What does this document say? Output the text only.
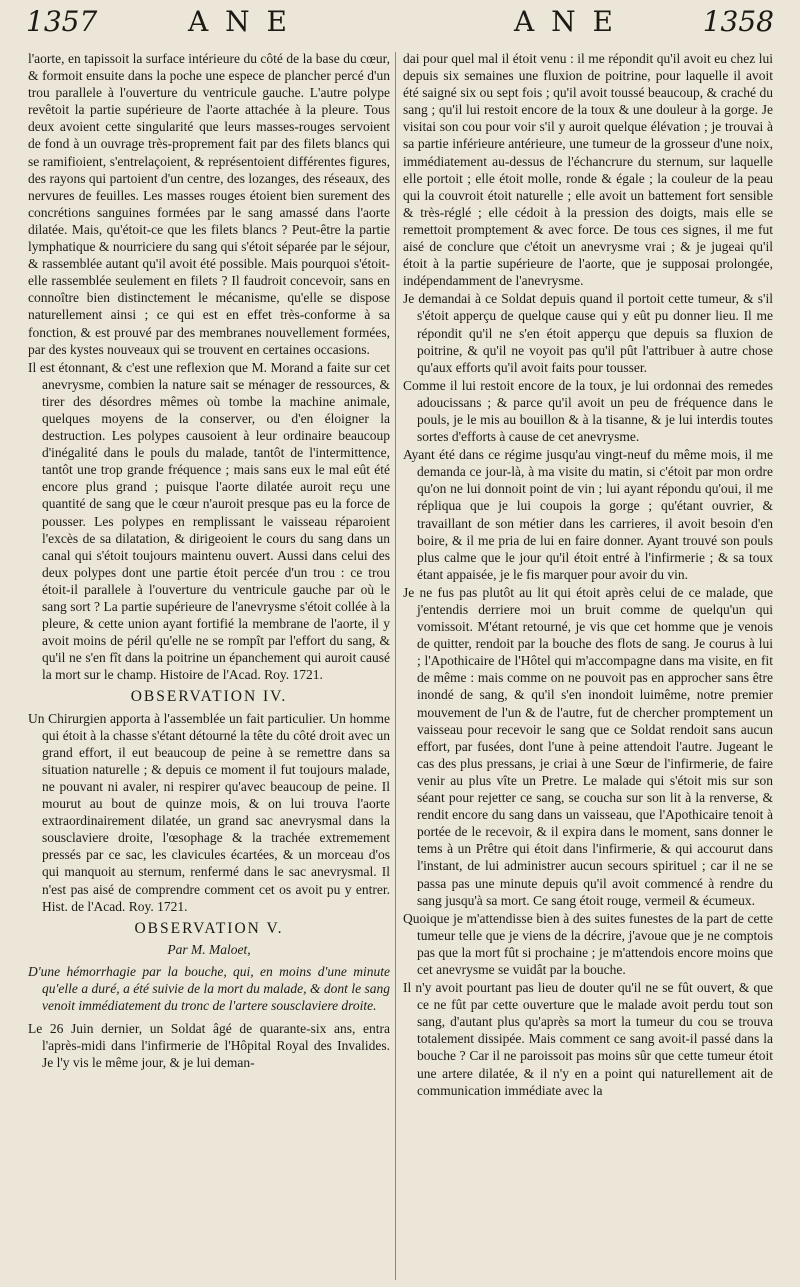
1357	A N E	A N E	1358

l'aorte, en tapissoit la surface intérieure du côté de la base du cœur, & formoit ensuite dans la poche une espece de plancher percé d'un trou parallele à l'ouverture du ventricule gauche. L'autre polype revêtoit la partie supérieure de l'aorte attachée à la pleure. Tous deux avoient cette singularité que leurs masses-rouges servoient de fond à un ouvrage très-proprement fait par des filets blancs qui se ramifioient, s'entrelaçoient, & représentoient différentes figures, des rayons qui partoient d'un centre, des lozanges, des réseaux, des nervures de feuilles. Les masses rouges étoient bien surement des concrétions sanguines formées par le sang amassé dans l'aorte dilatée. Mais, qu'étoit-ce que les filets blancs ? Peut-être la partie lymphatique & nourriciere du sang qui s'étoit séparée par le séjour, & rassemblée autant qu'il avoit été possible. Mais pourquoi s'étoit-elle rassemblée seulement en filets ? Il faudroit concevoir, sans en connoître bien distinctement le mécanisme, qu'elle se dispose naturellement ainsi ; ce qui est en effet très-conforme à sa fonction, & est prouvé par des membranes nouvellement formées, par des kystes nouveaux qui se trouvent en certaines occasions.

Il est étonnant, & c'est une reflexion que M. Morand a faite sur cet anevrysme, combien la nature sait se ménager de ressources, & tirer des désordres mêmes où tombe la machine animale, quelques moyens de la conserver, ou d'en éloigner la destruction. Les polypes causoient à leur ordinaire beaucoup d'inégalité dans le pouls du malade, tantôt de l'intermittence, tantôt une trop grande fréquence ; mais sans eux le mal eût été encore plus grand ; puisque l'aorte dilatée auroit reçu une quantité de sang que le cœur n'auroit presque pas eu la force de pousser. Les polypes en remplissant le vaisseau réparoient l'excès de sa dilatation, & dirigeoient le cours du sang dans un canal qui s'étoit toujours maintenu ouvert. Aussi dans celui des deux polypes dont une partie étoit percée d'un trou : ce trou étoit-il parallele à l'ouverture du ventricule gauche par où le sang sort ? La partie supérieure de l'anevrysme s'étoit collée à la pleure, & cette union ayant fortifié la membrane de l'aorte, il y avoit moins de péril qu'elle ne se rompît par l'effort du sang, & qu'il ne s'en fît dans la poitrine un épanchement qui auroit causé la mort sur le champ. Histoire de l'Acad. Roy. 1721.

OBSERVATION IV.

Un Chirurgien apporta à l'assemblée un fait particulier. Un homme qui étoit à la chasse s'étant détourné la tête du côté droit avec un grand effort, il eut beaucoup de peine à se remettre dans sa situation naturelle ; & depuis ce moment il fut toujours malade, ne pouvant ni avaler, ni respirer qu'avec beaucoup de peine. Il mourut au bout de quinze mois, & on lui trouva l'aorte extraordinairement dilatée, un grand sac anevrysmal dans la sousclaviere droite, l'œsophage & la trachée extremement pressés par ce sac, les clavicules écartées, & un morceau d'os qui manquoit au sternum, renfermé dans le sac anevrysmal. Il n'est pas aisé de comprendre comment cet os avoit pu y entrer. Hist. de l'Acad. Roy. 1721.

OBSERVATION V.
Par M. Maloet,

D'une hémorrhagie par la bouche, qui, en moins d'une minute qu'elle a duré, a été suivie de la mort du malade, & dont le sang venoit immédiatement du tronc de l'artere sousclaviere droite.

Le 26 Juin dernier, un Soldat âgé de quarante-six ans, entra l'après-midi dans l'infirmerie de l'Hôpital Royal des Invalides. Je l'y vis le même jour, & je lui deman-

dai pour quel mal il étoit venu : il me répondit qu'il avoit eu chez lui depuis six semaines une fluxion de poitrine, pour laquelle il avoit été saigné six ou sept fois ; qu'il avoit toussé beaucoup, & craché du sang ; qu'il lui restoit encore de la toux & une douleur à la gorge. Je visitai son cou pour voir s'il y auroit quelque élévation ; je trouvai à sa partie inférieure antérieure, une tumeur de la grosseur d'une noix, immédiatement au-dessus de l'échancrure du sternum, sur laquelle elle portoit ; elle étoit molle, ronde & égale ; la couleur de la peau qui la couvroit étoit naturelle ; elle avoit un battement fort sensible & très-réglé ; elle cédoit à la pression des doigts, mais elle se remettoit promptement & avec force. De tous ces signes, il me fut aisé de conclure que c'étoit un anevrysme vrai ; & je jugeai qu'il étoit à la partie supérieure de l'aorte, que je supposai prolongée, indépendamment de l'anevrysme.

Je demandai à ce Soldat depuis quand il portoit cette tumeur, & s'il s'étoit apperçu de quelque cause qui y eût pu donner lieu. Il me répondit qu'il ne s'en étoit apperçu que depuis sa fluxion de poitrine, & qu'il ne voyoit pas qu'il pût l'attribuer à autre chose qu'aux efforts qu'il avoit faits pour tousser.

Comme il lui restoit encore de la toux, je lui ordonnai des remedes adoucissans ; & parce qu'il avoit un peu de fréquence dans le pouls, je le mis au bouillon & à la tisanne, & je lui interdis toutes sortes d'efforts à cause de cet anevrysme.

Ayant été dans ce régime jusqu'au vingt-neuf du même mois, il me demanda ce jour-là, à ma visite du matin, si c'étoit par mon ordre qu'on ne lui donnoit point de vin ; lui ayant répondu qu'oui, il me répliqua que je lui coupois la gorge ; qu'étant ouvrier, & travaillant de son métier dans les carrieres, il avoit besoin d'en boire, & il me pria de lui en faire donner. Ayant trouvé son pouls plus calme que le jour qu'il étoit entré à l'infirmerie ; & sa toux étant appaisée, je le fis marquer pour avoir du vin.

Je ne fus pas plutôt au lit qui étoit après celui de ce malade, que j'entendis derriere moi un bruit comme de quelqu'un qui vomissoit. M'étant retourné, je vis que cet homme que je venois de quitter, rendoit par la bouche des flots de sang. Je courus à lui ; l'Apothicaire de l'Hôtel qui m'accompagne dans ma visite, en fit de même : mais comme on ne pouvoit pas en approcher sans être inondé de sang, & qu'il s'en inondoit luimême, notre premier mouvement de l'un & de l'autre, fut de chercher promptement un vaisseau pour recevoir le sang que ce Soldat rendoit sans aucun effort, par fusées, dont l'une à peine attendoit l'autre. Jugeant le cas des plus pressans, je criai à une Sœur de l'infirmerie, de faire venir au plus vîte un Pretre. Le malade qui s'étoit mis sur son séant pour rejetter ce sang, se coucha sur son lit à la renverse, & rendit encore du sang dans un vaisseau, que l'Apothicaire tenoit à portée de le recevoir, & il expira dans le moment, sans donner le tems à un Prêtre qui étoit dans l'infirmerie, & qui accourut dans l'instant, de lui administrer aucun secours spirituel ; car il ne se passa pas une minute depuis qu'il avoit commencé à rendre du sang jusqu'à sa mort. Ce sang étoit rouge, vermeil & écumeux.

Quoique je m'attendisse bien à des suites funestes de la part de cette tumeur telle que je viens de la décrire, j'avoue que je ne comptois pas que la mort fût si prochaine ; je m'attendois encore moins que cet anevrysme se vuidât par la bouche.

Il n'y avoit pourtant pas lieu de douter qu'il ne se fût ouvert, & que ce ne fût par cette ouverture que le malade avoit perdu tout son sang, d'autant plus qu'après sa mort la tumeur du cou se trouva totalement dissipée. Mais comment ce sang avoit-il passé dans la bouche ? Car il ne paroissoit pas moins sûr que cette tumeur étoit une artere dilatée, & il n'y en a point qui naturellement ait de communication immédiate avec la
